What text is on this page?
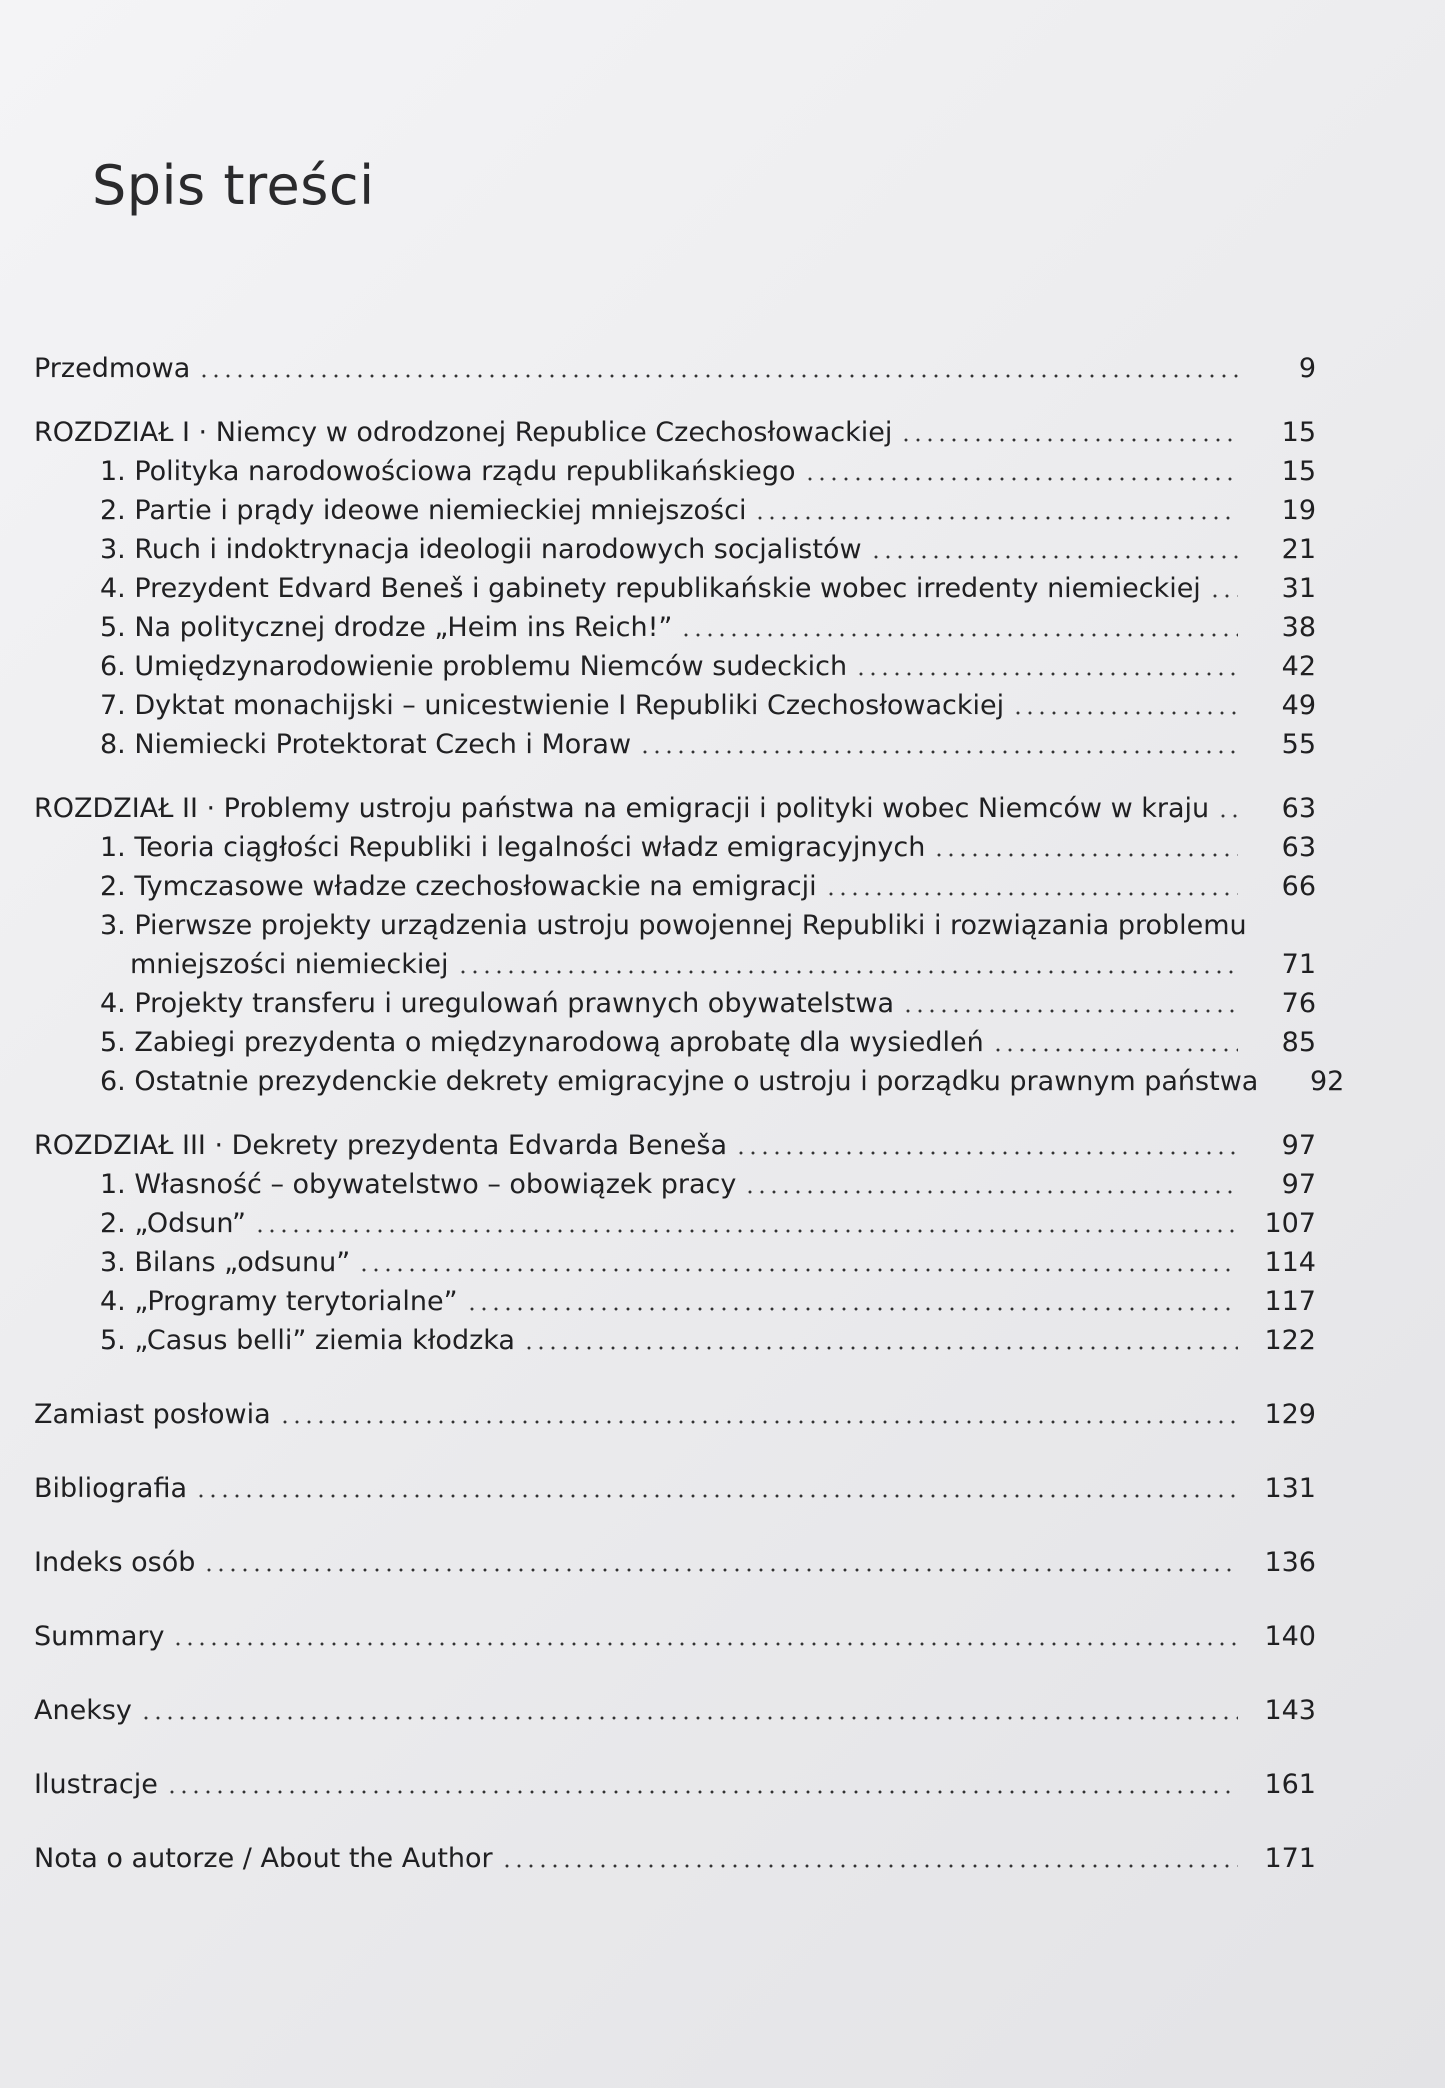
Spis treści
Przedmowa	9
ROZDZIAŁ I · Niemcy w odrodzonej Republice Czechosłowackiej	15
1. Polityka narodowościowa rządu republikańskiego	15
2. Partie i prądy ideowe niemieckiej mniejszości	19
3. Ruch i indoktrynacja ideologii narodowych socjalistów	21
4. Prezydent Edvard Beneš i gabinety republikańskie wobec irredenty niemieckiej	31
5. Na politycznej drodze „Heim ins Reich!”	38
6. Umiędzynarodowienie problemu Niemców sudeckich	42
7. Dyktat monachijski – unicestwienie I Republiki Czechosłowackiej	49
8. Niemiecki Protektorat Czech i Moraw	55
ROZDZIAŁ II · Problemy ustroju państwa na emigracji i polityki wobec Niemców w kraju	63
1. Teoria ciągłości Republiki i legalności władz emigracyjnych	63
2. Tymczasowe władze czechosłowackie na emigracji	66
3. Pierwsze projekty urządzenia ustroju powojennej Republiki i rozwiązania problemu
mniejszości niemieckiej	71
4. Projekty transferu i uregulowań prawnych obywatelstwa	76
5. Zabiegi prezydenta o międzynarodową aprobatę dla wysiedleń	85
6. Ostatnie prezydenckie dekrety emigracyjne o ustroju i porządku prawnym państwa	92
ROZDZIAŁ III · Dekrety prezydenta Edvarda Beneša	97
1. Własność – obywatelstwo – obowiązek pracy	97
2. „Odsun”	107
3. Bilans „odsunu”	114
4. „Programy terytorialne”	117
5. „Casus belli” ziemia kłodzka	122
Zamiast posłowia	129
Bibliografia	131
Indeks osób	136
Summary	140
Aneksy	143
Ilustracje	161
Nota o autorze / About the Author	171
